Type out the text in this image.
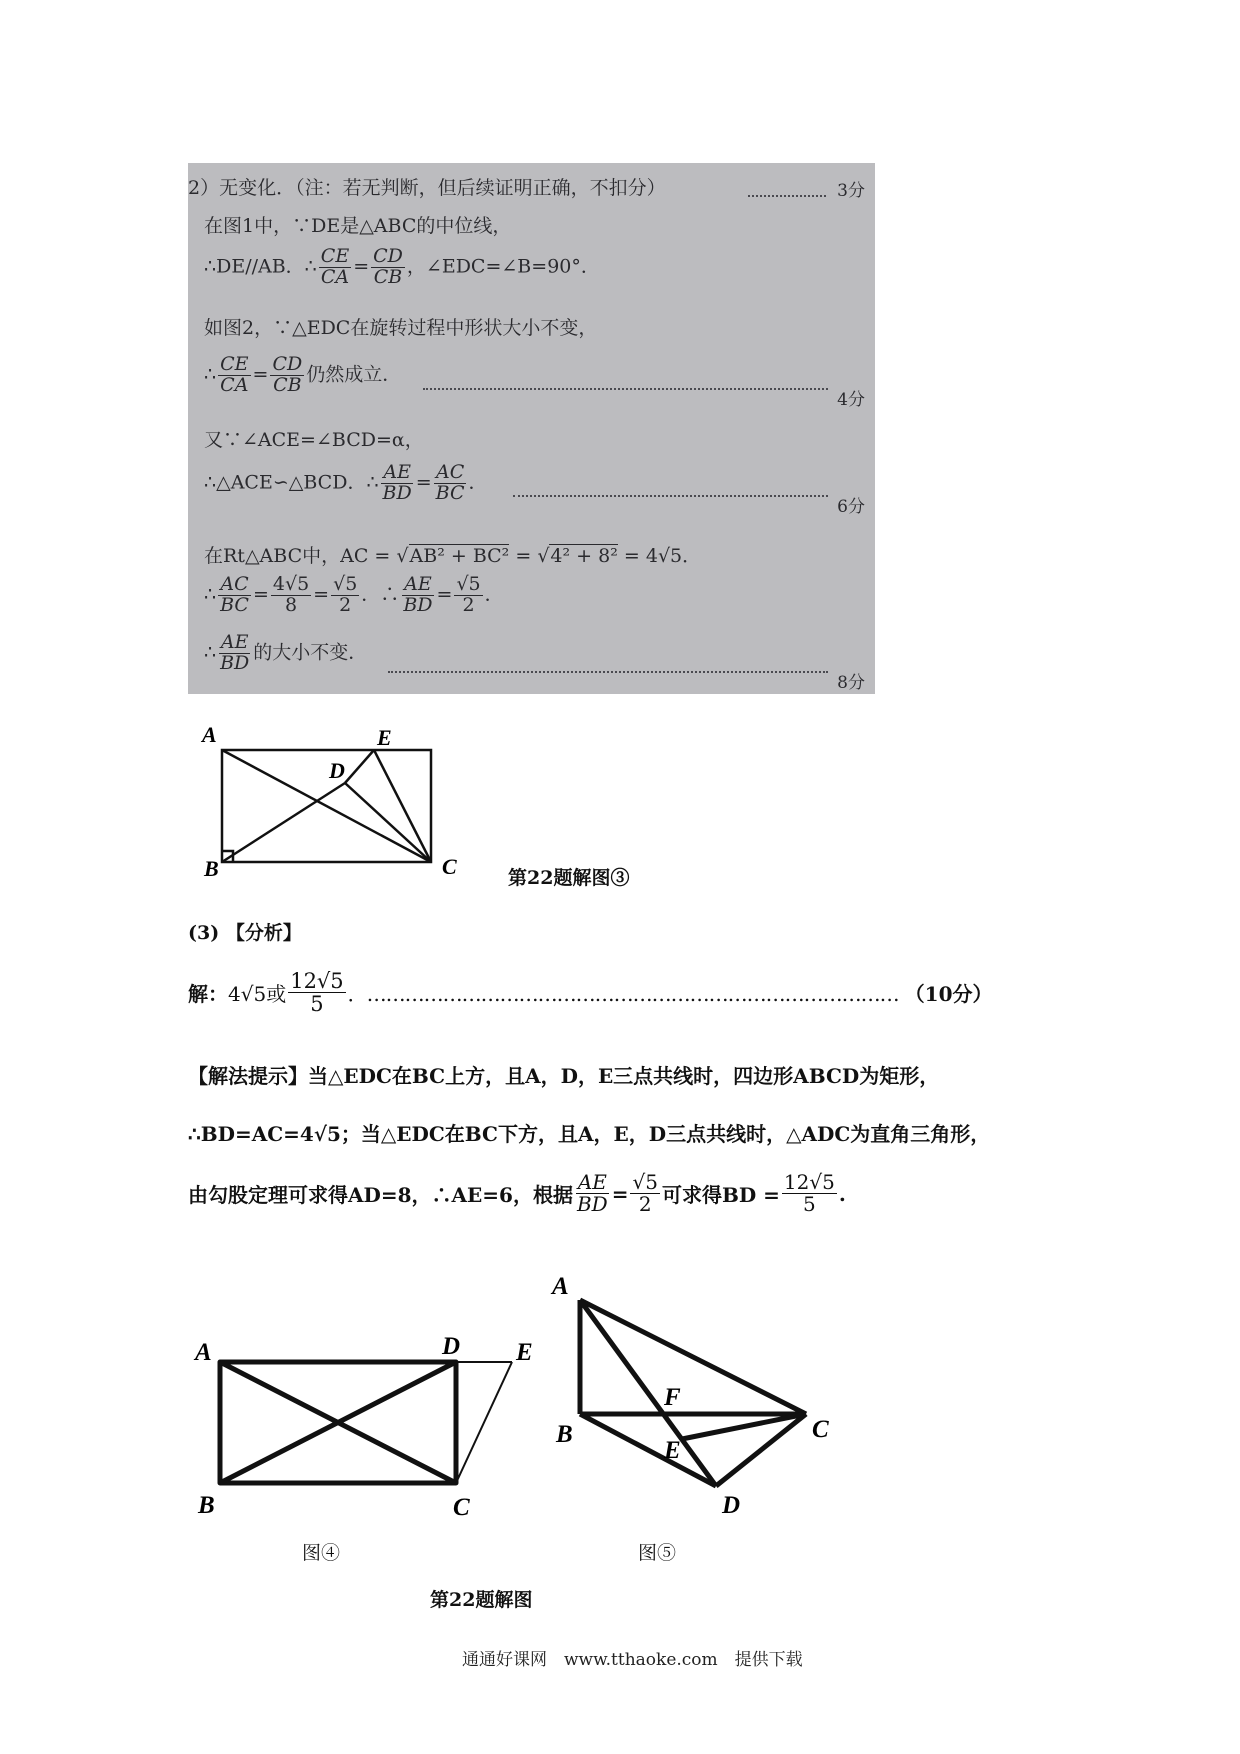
2）无变化．（注：若无判断，但后续证明正确，不扣分）	3分
在图1中，∵DE是△ABC的中位线，
∴DE//AB．∴ $\frac{CE}{CA} = \frac{CD}{CB}$ ，∠EDC=∠B=90°．
如图2，∵△EDC在旋转过程中形状大小不变，
∴ $\frac{CE}{CA} = \frac{CD}{CB}$ 仍然成立．
4分
又∵∠ACE=∠BCD=α，
∴△ACE∽△BCD．∴ $\frac{AE}{BD} = \frac{AC}{BC}$ ．
6分
在Rt△ABC中，AC = √AB² + BC² = √4² + 8² = 4√5．
∴ $\frac{AC}{BC} = \frac{4√5}{8} = \frac{√5}{2}$ ．∴ $\frac{AE}{BD} = \frac{√5}{2}$ ．
∴ $\frac{AE}{BD}$ 的大小不变．
8分
A	E
D
B	C	第22题解图③
(3) 【分析】
解： 4√5或 $\frac{12√5}{5}$ ．………………………………………………………………………… （10分）
【解法提示】当△EDC在BC上方，且A，D，E三点共线时，四边形ABCD为矩形，
∴BD=AC=4√5；当△EDC在BC下方，且A，E，D三点共线时，△ADC为直角三角形，
由勾股定理可求得AD=8，∴AE=6，根据 $\frac{AE}{BD} = \frac{√5}{2}$ 可求得BD = $\frac{12√5}{5}$ .
A	D E
B	C
图④
A
F
B
E
C
D
图⑤
第22题解图
通通好课网　www.tthaoke.com　提供下载
